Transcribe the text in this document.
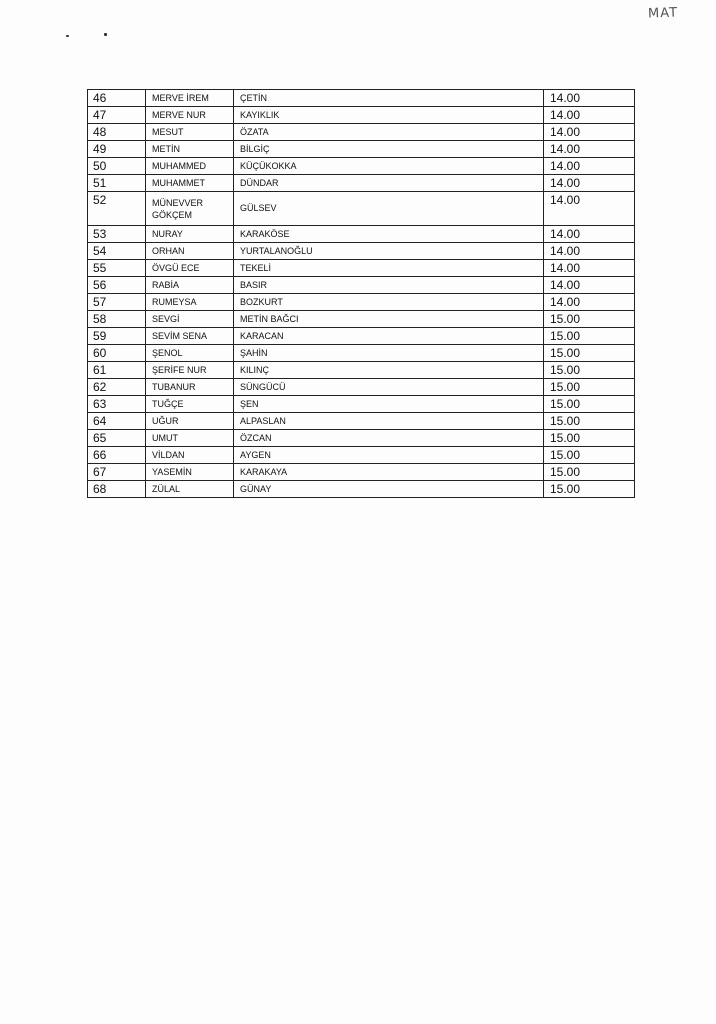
MAT
46	MERVE İREM	ÇETİN	14.00
47	MERVE NUR	KAYIKLIK	14.00
48	MESUT	ÖZATA	14.00
49	METİN	BİLGİÇ	14.00
50	MUHAMMED	KÜÇÜKOKKA	14.00
51	MUHAMMET	DÜNDAR	14.00
52	MÜNEVVER GÖKÇEM	GÜLSEV	14.00
53	NURAY	KARAKÖSE	14.00
54	ORHAN	YURTALANOĞLU	14.00
55	ÖVGÜ ECE	TEKELİ	14.00
56	RABİA	BASIR	14.00
57	RUMEYSA	BOZKURT	14.00
58	SEVGİ	METİN BAĞCI	15.00
59	SEVİM SENA	KARACAN	15.00
60	ŞENOL	ŞAHİN	15.00
61	ŞERİFE NUR	KILINÇ	15.00
62	TUBANUR	SÜNGÜCÜ	15.00
63	TUĞÇE	ŞEN	15.00
64	UĞUR	ALPASLAN	15.00
65	UMUT	ÖZCAN	15.00
66	VİLDAN	AYGEN	15.00
67	YASEMİN	KARAKAYA	15.00
68	ZÜLAL	GÜNAY	15.00
